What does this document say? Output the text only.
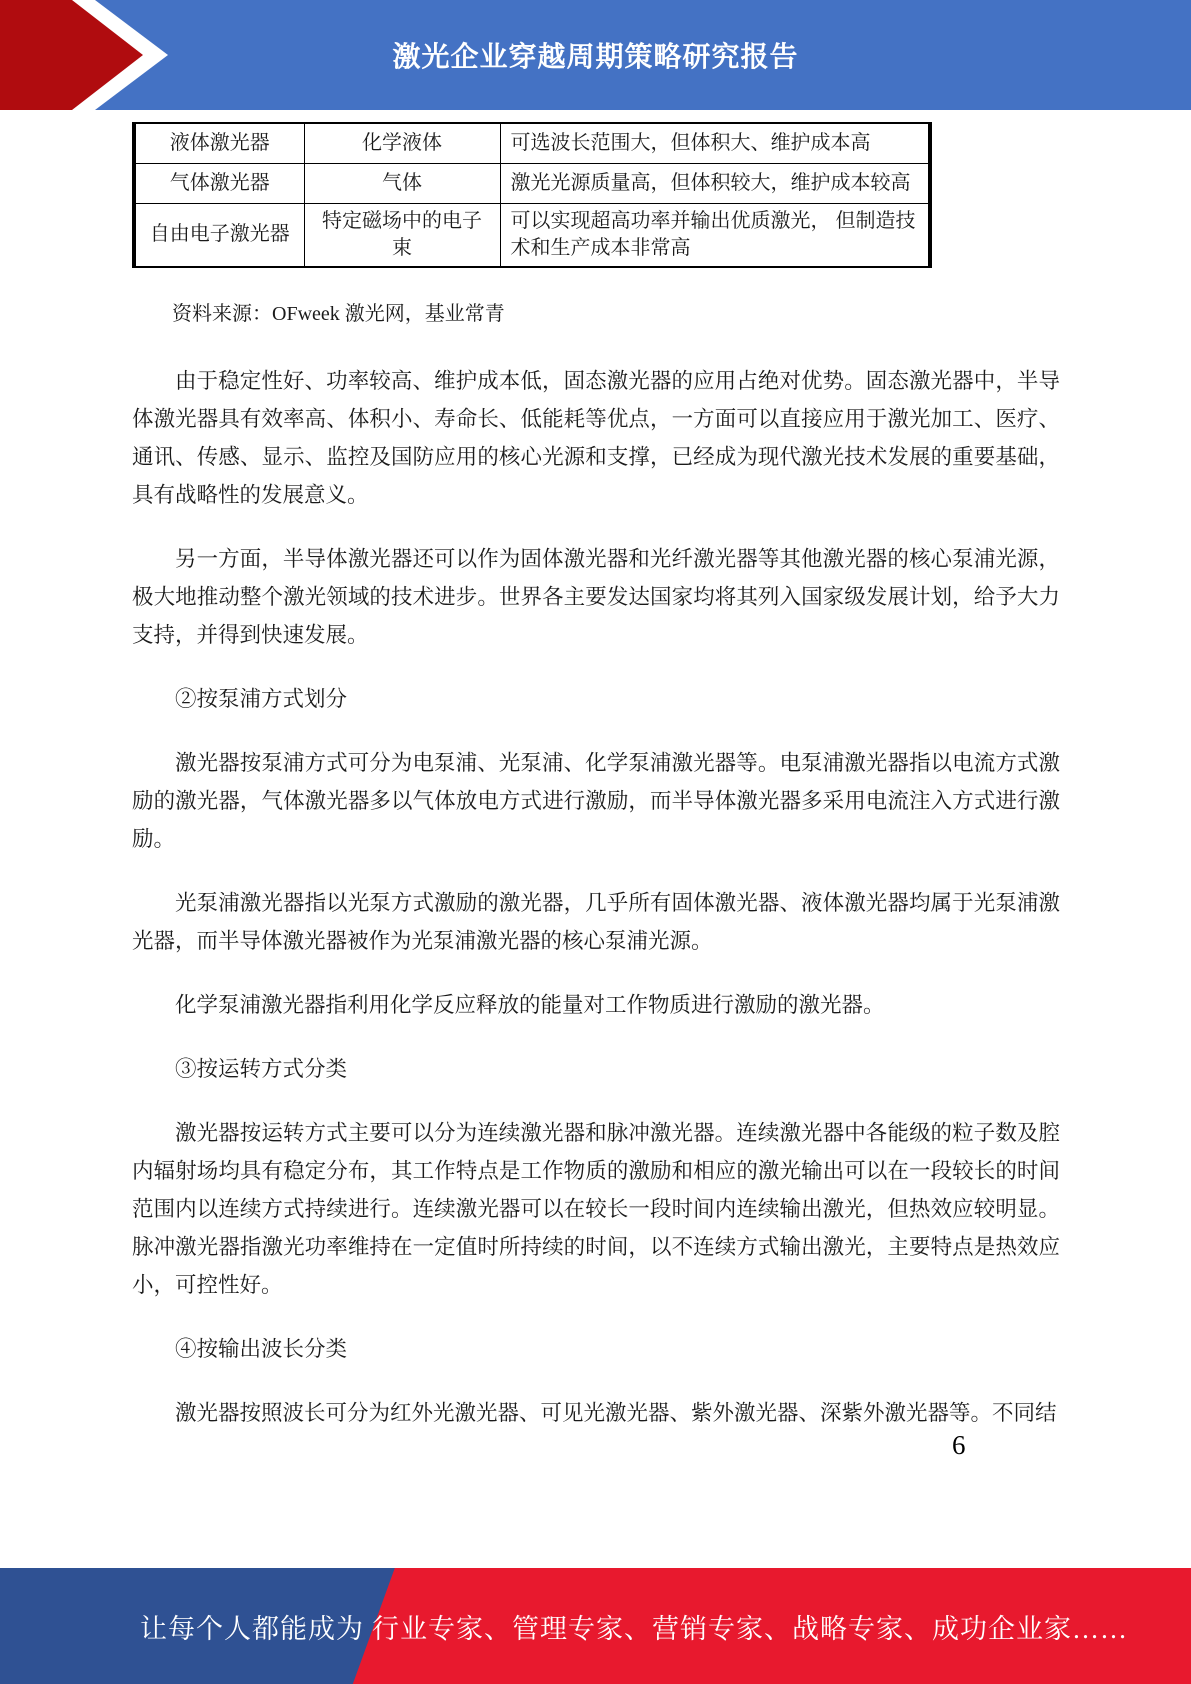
激光企业穿越周期策略研究报告
液体激光器	化学液体	可选波长范围大，但体积大、维护成本高
气体激光器	气体	激光光源质量高，但体积较大，维护成本较高
自由电子激光器	特定磁场中的电子束	可以实现超高功率并输出优质激光， 但制造技术和生产成本非常高
资料来源：OFweek 激光网，基业常青

由于稳定性好、功率较高、维护成本低，固态激光器的应用占绝对优势。固态激光器中，半导体激光器具有效率高、体积小、寿命长、低能耗等优点，一方面可以直接应用于激光加工、医疗、通讯、传感、显示、监控及国防应用的核心光源和支撑，已经成为现代激光技术发展的重要基础，具有战略性的发展意义。

另一方面，半导体激光器还可以作为固体激光器和光纤激光器等其他激光器的核心泵浦光源，极大地推动整个激光领域的技术进步。世界各主要发达国家均将其列入国家级发展计划，给予大力支持，并得到快速发展。

②按泵浦方式划分

激光器按泵浦方式可分为电泵浦、光泵浦、化学泵浦激光器等。电泵浦激光器指以电流方式激励的激光器，气体激光器多以气体放电方式进行激励，而半导体激光器多采用电流注入方式进行激励。

光泵浦激光器指以光泵方式激励的激光器，几乎所有固体激光器、液体激光器均属于光泵浦激光器，而半导体激光器被作为光泵浦激光器的核心泵浦光源。

化学泵浦激光器指利用化学反应释放的能量对工作物质进行激励的激光器。

③按运转方式分类

激光器按运转方式主要可以分为连续激光器和脉冲激光器。连续激光器中各能级的粒子数及腔内辐射场均具有稳定分布，其工作特点是工作物质的激励和相应的激光输出可以在一段较长的时间范围内以连续方式持续进行。连续激光器可以在较长一段时间内连续输出激光，但热效应较明显。脉冲激光器指激光功率维持在一定值时所持续的时间，以不连续方式输出激光，主要特点是热效应小，可控性好。

④按输出波长分类

激光器按照波长可分为红外光激光器、可见光激光器、紫外激光器、深紫外激光器等。不同结

6
让每个人都能成为 行业专家、管理专家、营销专家、战略专家、成功企业家……
